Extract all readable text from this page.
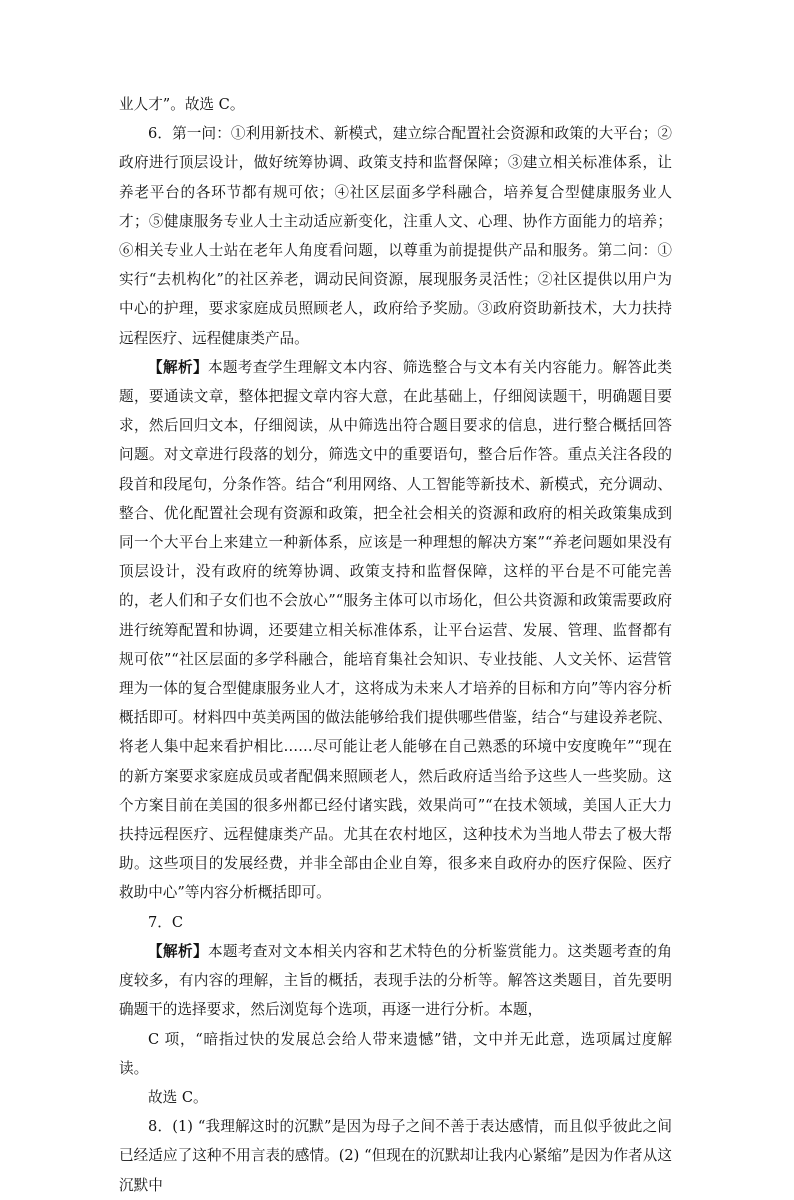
业人才”。故选 C。

6．第一问：①利用新技术、新模式，建立综合配置社会资源和政策的大平台；②政府进行顶层设计，做好统筹协调、政策支持和监督保障；③建立相关标准体系，让养老平台的各环节都有规可依；④社区层面多学科融合，培养复合型健康服务业人才；⑤健康服务专业人士主动适应新变化，注重人文、心理、协作方面能力的培养；⑥相关专业人士站在老年人角度看问题，以尊重为前提提供产品和服务。第二问：①实行“去机构化”的社区养老，调动民间资源，展现服务灵活性；②社区提供以用户为中心的护理，要求家庭成员照顾老人，政府给予奖励。③政府资助新技术，大力扶持远程医疗、远程健康类产品。

【解析】本题考查学生理解文本内容、筛选整合与文本有关内容能力。解答此类题，要通读文章，整体把握文章内容大意，在此基础上，仔细阅读题干，明确题目要求，然后回归文本，仔细阅读，从中筛选出符合题目要求的信息，进行整合概括回答问题。对文章进行段落的划分，筛选文中的重要语句，整合后作答。重点关注各段的段首和段尾句，分条作答。结合“利用网络、人工智能等新技术、新模式，充分调动、整合、优化配置社会现有资源和政策，把全社会相关的资源和政府的相关政策集成到同一个大平台上来建立一种新体系，应该是一种理想的解决方案”“养老问题如果没有顶层设计，没有政府的统筹协调、政策支持和监督保障，这样的平台是不可能完善的，老人们和子女们也不会放心”“服务主体可以市场化，但公共资源和政策需要政府进行统筹配置和协调，还要建立相关标准体系，让平台运营、发展、管理、监督都有规可依”“社区层面的多学科融合，能培育集社会知识、专业技能、人文关怀、运营管理为一体的复合型健康服务业人才，这将成为未来人才培养的目标和方向”等内容分析概括即可。材料四中英美两国的做法能够给我们提供哪些借鉴，结合“与建设养老院、将老人集中起来看护相比……尽可能让老人能够在自己熟悉的环境中安度晚年”“现在的新方案要求家庭成员或者配偶来照顾老人，然后政府适当给予这些人一些奖励。这个方案目前在美国的很多州都已经付诸实践，效果尚可”“在技术领域，美国人正大力扶持远程医疗、远程健康类产品。尤其在农村地区，这种技术为当地人带去了极大帮助。这些项目的发展经费，并非全部由企业自筹，很多来自政府办的医疗保险、医疗救助中心”等内容分析概括即可。

7．C

【解析】本题考查对文本相关内容和艺术特色的分析鉴赏能力。这类题考查的角度较多，有内容的理解，主旨的概括，表现手法的分析等。解答这类题目，首先要明确题干的选择要求，然后浏览每个选项，再逐一进行分析。本题，

C 项，“暗指过快的发展总会给人带来遗憾”错，文中并无此意，选项属过度解读。

故选 C。

8．(1) “我理解这时的沉默”是因为母子之间不善于表达感情，而且似乎彼此之间已经适应了这种不用言表的感情。(2) “但现在的沉默却让我内心紧缩”是因为作者从这沉默中
